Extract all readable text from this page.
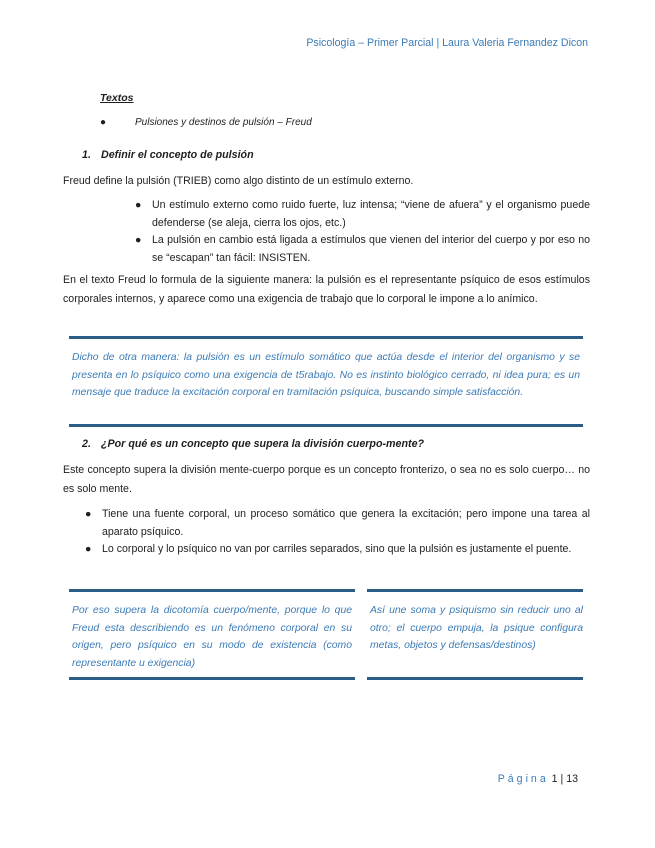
Psicología – Primer Parcial | Laura Valeria Fernandez Dicon
Textos
●	Pulsiones y destinos de pulsión – Freud
1. Definir el concepto de pulsión
Freud define la pulsión (TRIEB) como algo distinto de un estímulo externo.
● Un estímulo externo como ruido fuerte, luz intensa; “viene de afuera” y el organismo puede defenderse (se aleja, cierra los ojos, etc.)
● La pulsión en cambio está ligada a estímulos que vienen del interior del cuerpo y por eso no se “escapan” tan fácil: INSISTEN.
En el texto Freud lo formula de la siguiente manera: la pulsión es el representante psíquico de esos estímulos corporales internos, y aparece como una exigencia de trabajo que lo corporal le impone a lo anímico.
Dicho de otra manera: la pulsión es un estímulo somático que actúa desde el interior del organismo y se presenta en lo psíquico como una exigencia de t5rabajo. No es instinto biológico cerrado, ni idea pura; es un mensaje que traduce la excitación corporal en tramitación psíquica, buscando simple satisfacción.
2. ¿Por qué es un concepto que supera la división cuerpo-mente?
Este concepto supera la división mente-cuerpo porque es un concepto fronterizo, o sea no es solo cuerpo… no es solo mente.
● Tiene una fuente corporal, un proceso somático que genera la excitación; pero impone una tarea al aparato psíquico.
● Lo corporal y lo psíquico no van por carriles separados, sino que la pulsión es justamente el puente.
Por eso supera la dicotomía cuerpo/mente, porque lo que Freud esta describiendo es un fenómeno corporal en su origen, pero psíquico en su modo de existencia (como representante u exigencia)
Así une soma y psiquismo sin reducir uno al otro; el cuerpo empuja, la psique configura metas, objetos y defensas/destinos)
Página 1 | 13
